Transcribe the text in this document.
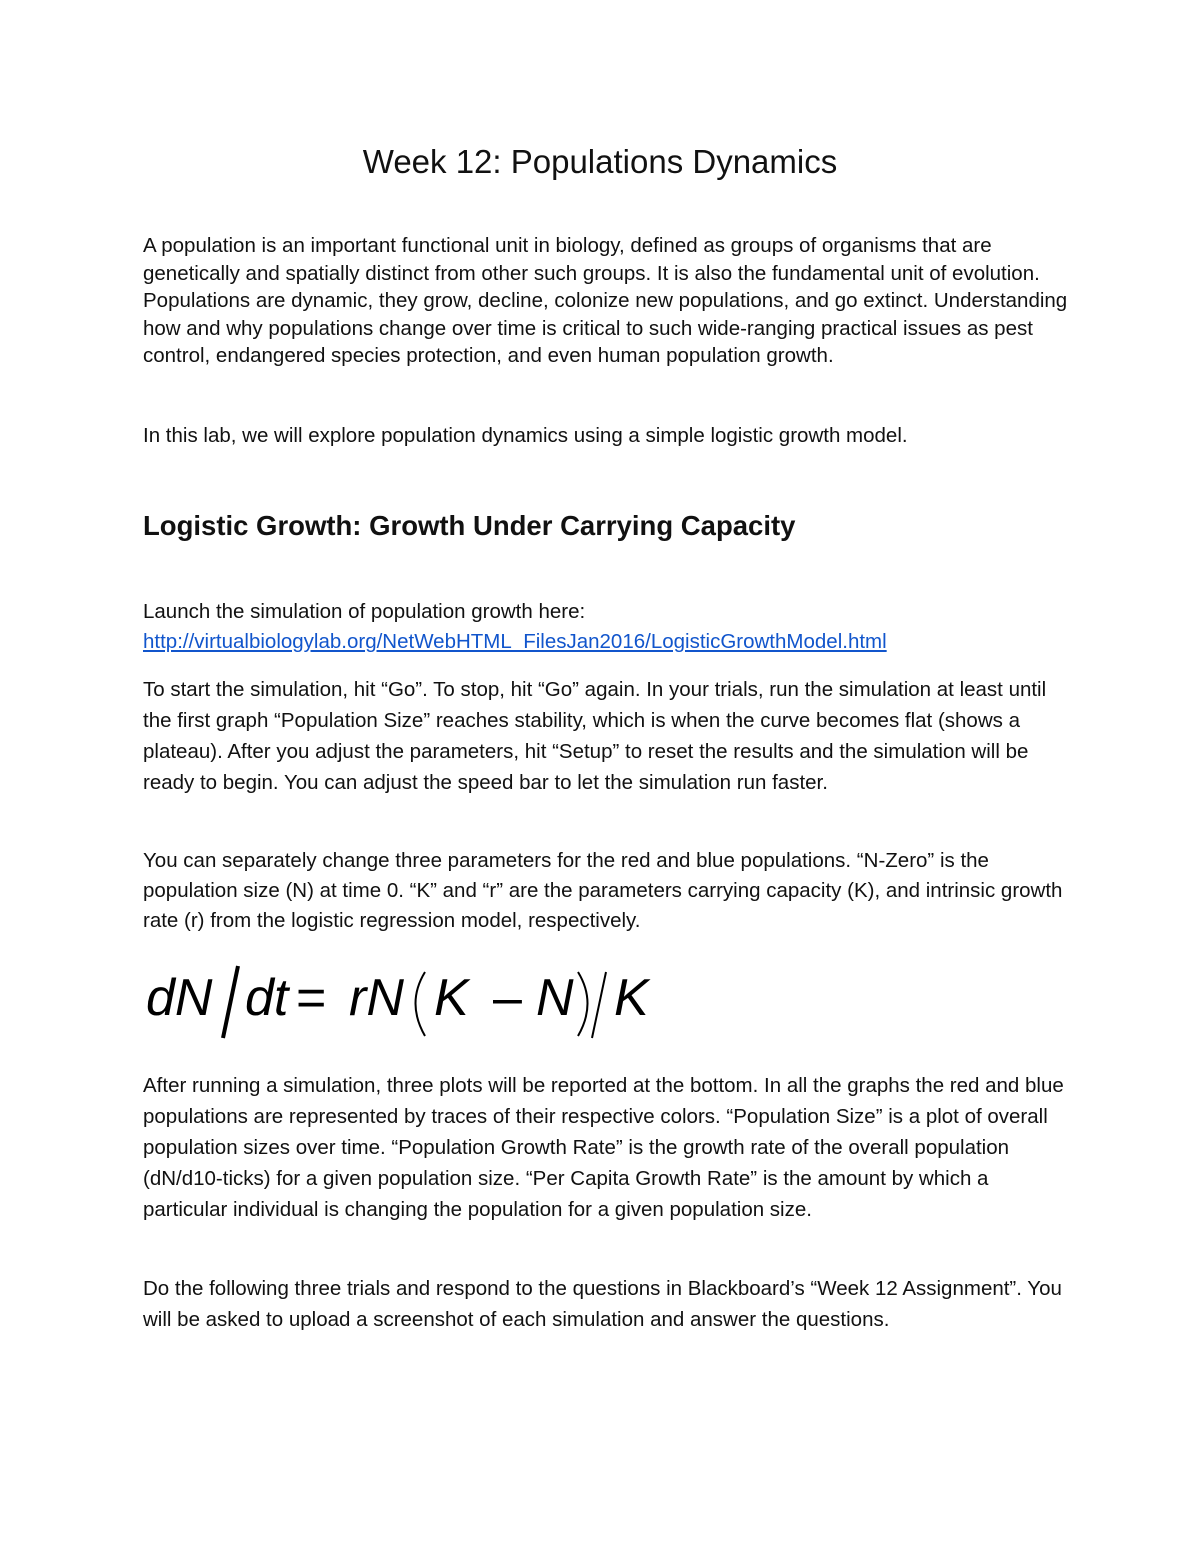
Week 12: Populations Dynamics

A population is an important functional unit in biology, defined as groups of organisms that are genetically and spatially distinct from other such groups. It is also the fundamental unit of evolution. Populations are dynamic, they grow, decline, colonize new populations, and go extinct. Understanding how and why populations change over time is critical to such wide-ranging practical issues as pest control, endangered species protection, and even human population growth.

In this lab, we will explore population dynamics using a simple logistic growth model.

Logistic Growth: Growth Under Carrying Capacity
Launch the simulation of population growth here:
http://virtualbiologylab.org/NetWebHTML_FilesJan2016/LogisticGrowthModel.html

To start the simulation, hit “Go”. To stop, hit “Go” again. In your trials, run the simulation at least until the first graph “Population Size” reaches stability, which is when the curve becomes flat (shows a plateau). After you adjust the parameters, hit “Setup” to reset the results and the simulation will be ready to begin. You can adjust the speed bar to let the simulation run faster.

You can separately change three parameters for the red and blue populations. “N-Zero” is the population size (N) at time 0. “K” and “r” are the parameters carrying capacity (K), and intrinsic growth rate (r) from the logistic regression model, respectively.

dN dt rN K N K
=	–

After running a simulation, three plots will be reported at the bottom. In all the graphs the red and blue populations are represented by traces of their respective colors. “Population Size” is a plot of overall population sizes over time. “Population Growth Rate” is the growth rate of the overall population (dN/d10-ticks) for a given population size. “Per Capita Growth Rate” is the amount by which a particular individual is changing the population for a given population size.

Do the following three trials and respond to the questions in Blackboard’s “Week 12 Assignment”. You will be asked to upload a screenshot of each simulation and answer the questions.
